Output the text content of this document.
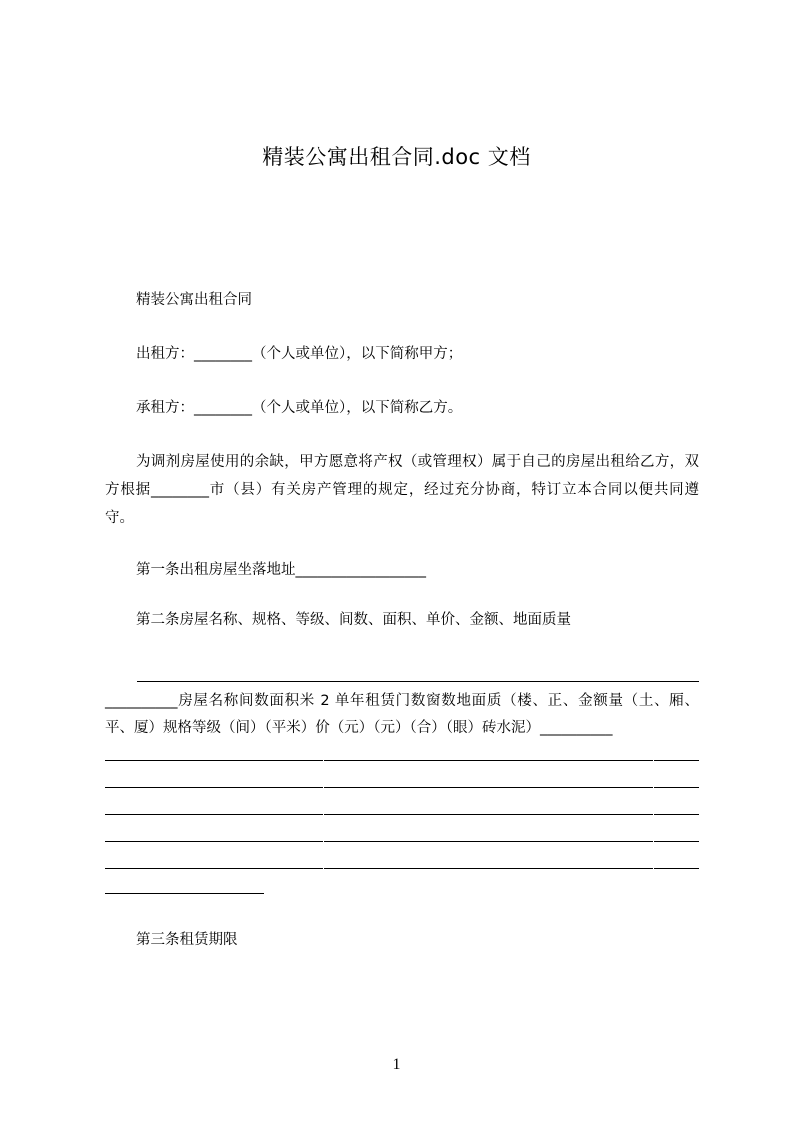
精装公寓出租合同.doc 文档
精装公寓出租合同
出租方：________（个人或单位），以下简称甲方；
承租方：________（个人或单位），以下简称乙方。
为调剂房屋使用的余缺，甲方愿意将产权（或管理权）属于自己的房屋出租给乙方，双方根据________市（县）有关房产管理的规定，经过充分协商，特订立本合同以便共同遵守。
第一条出租房屋坐落地址__________________
第二条房屋名称、规格、等级、间数、面积、单价、金额、地面质量
__________房屋名称间数面积米 2 单年租赁门数窗数地面质（楼、正、金额量（土、厢、平、厦）规格等级（间）（平米）价（元）（元）（合）（眼）砖水泥）__________
第三条租赁期限
1
